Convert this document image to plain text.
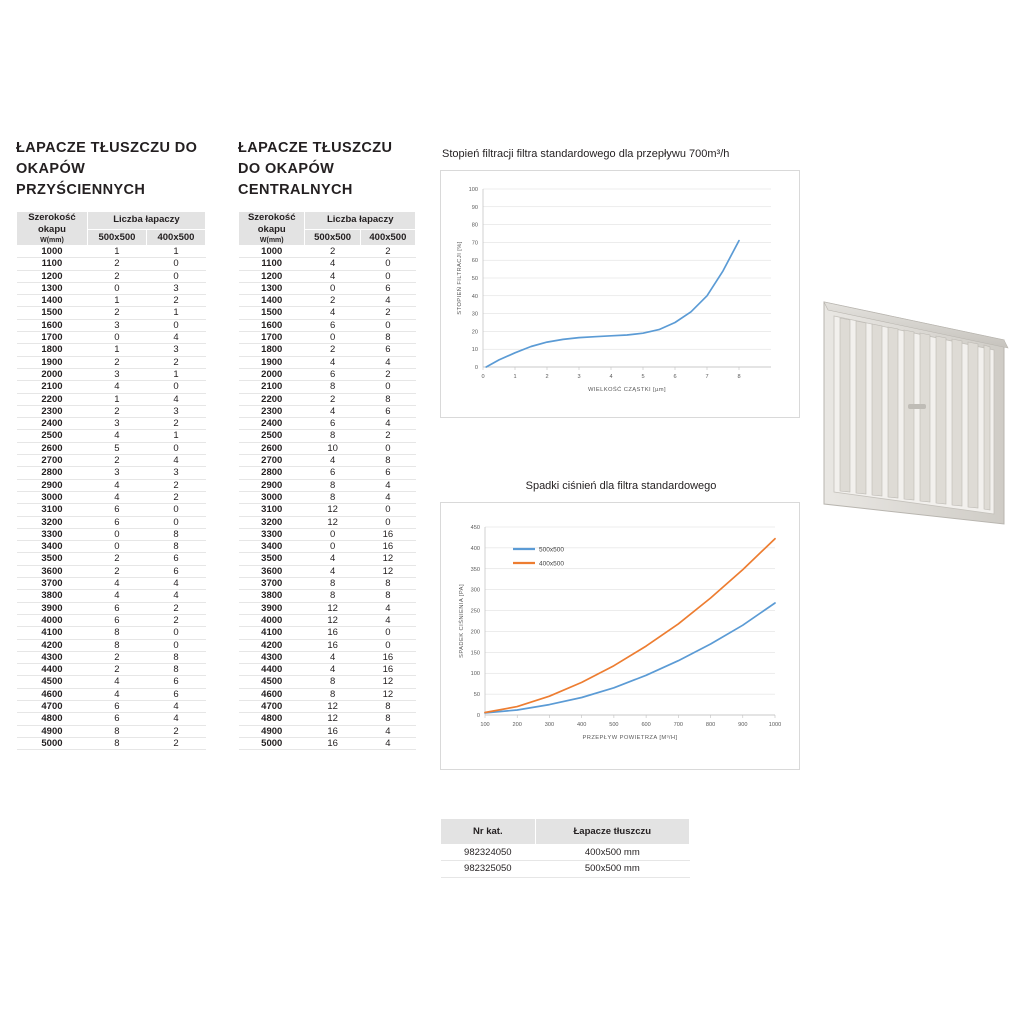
ŁAPACZE TŁUSZCZU DO OKAPÓW PRZYŚCIENNYCH
Szerokość okapu
W(mm)	Liczba łapaczy	
	500x500	400x500
1000	1	1
1100	2	0
1200	2	0
1300	0	3
1400	1	2
1500	2	1
1600	3	0
1700	0	4
1800	1	3
1900	2	2
2000	3	1
2100	4	0
2200	1	4
2300	2	3
2400	3	2
2500	4	1
2600	5	0
2700	2	4
2800	3	3
2900	4	2
3000	4	2
3100	6	0
3200	6	0
3300	0	8
3400	0	8
3500	2	6
3600	2	6
3700	4	4
3800	4	4
3900	6	2
4000	6	2
4100	8	0
4200	8	0
4300	2	8
4400	2	8
4500	4	6
4600	4	6
4700	6	4
4800	6	4
4900	8	2
5000	8	2
ŁAPACZE TŁUSZCZU DO OKAPÓW CENTRALNYCH
Szerokość okapu
W(mm)	Liczba łapaczy	
	500x500	400x500
1000	2	2
1100	4	0
1200	4	0
1300	0	6
1400	2	4
1500	4	2
1600	6	0
1700	0	8
1800	2	6
1900	4	4
2000	6	2
2100	8	0
2200	2	8
2300	4	6
2400	6	4
2500	8	2
2600	10	0
2700	4	8
2800	6	6
2900	8	4
3000	8	4
3100	12	0
3200	12	0
3300	0	16
3400	0	16
3500	4	12
3600	4	12
3700	8	8
3800	8	8
3900	12	4
4000	12	4
4100	16	0
4200	16	0
4300	4	16
4400	4	16
4500	8	12
4600	8	12
4700	12	8
4800	12	8
4900	16	4
5000	16	4
Stopień filtracji filtra standardowego dla przepływu 700m³/h
0
10
20
30
40
50
60
70
80
90
100
0	1	2	3	4	5	6	7	8
WIELKOŚĆ CZĄSTKI [µm]
STOPIEŃ FILTRACJI [%]
Spadki ciśnień dla filtra standardowego
0
50
100
150
200
250
300
350
400
450
100	200	300	400	500	600	700	800	900	1000
PRZEPŁYW POWIETRZA [M³/H]
SPADEK CIŚNIENIA [PA]
500x500
400x500
Nr kat.	Łapacze tłuszczu
982324050	400x500 mm
982325050	500x500 mm
